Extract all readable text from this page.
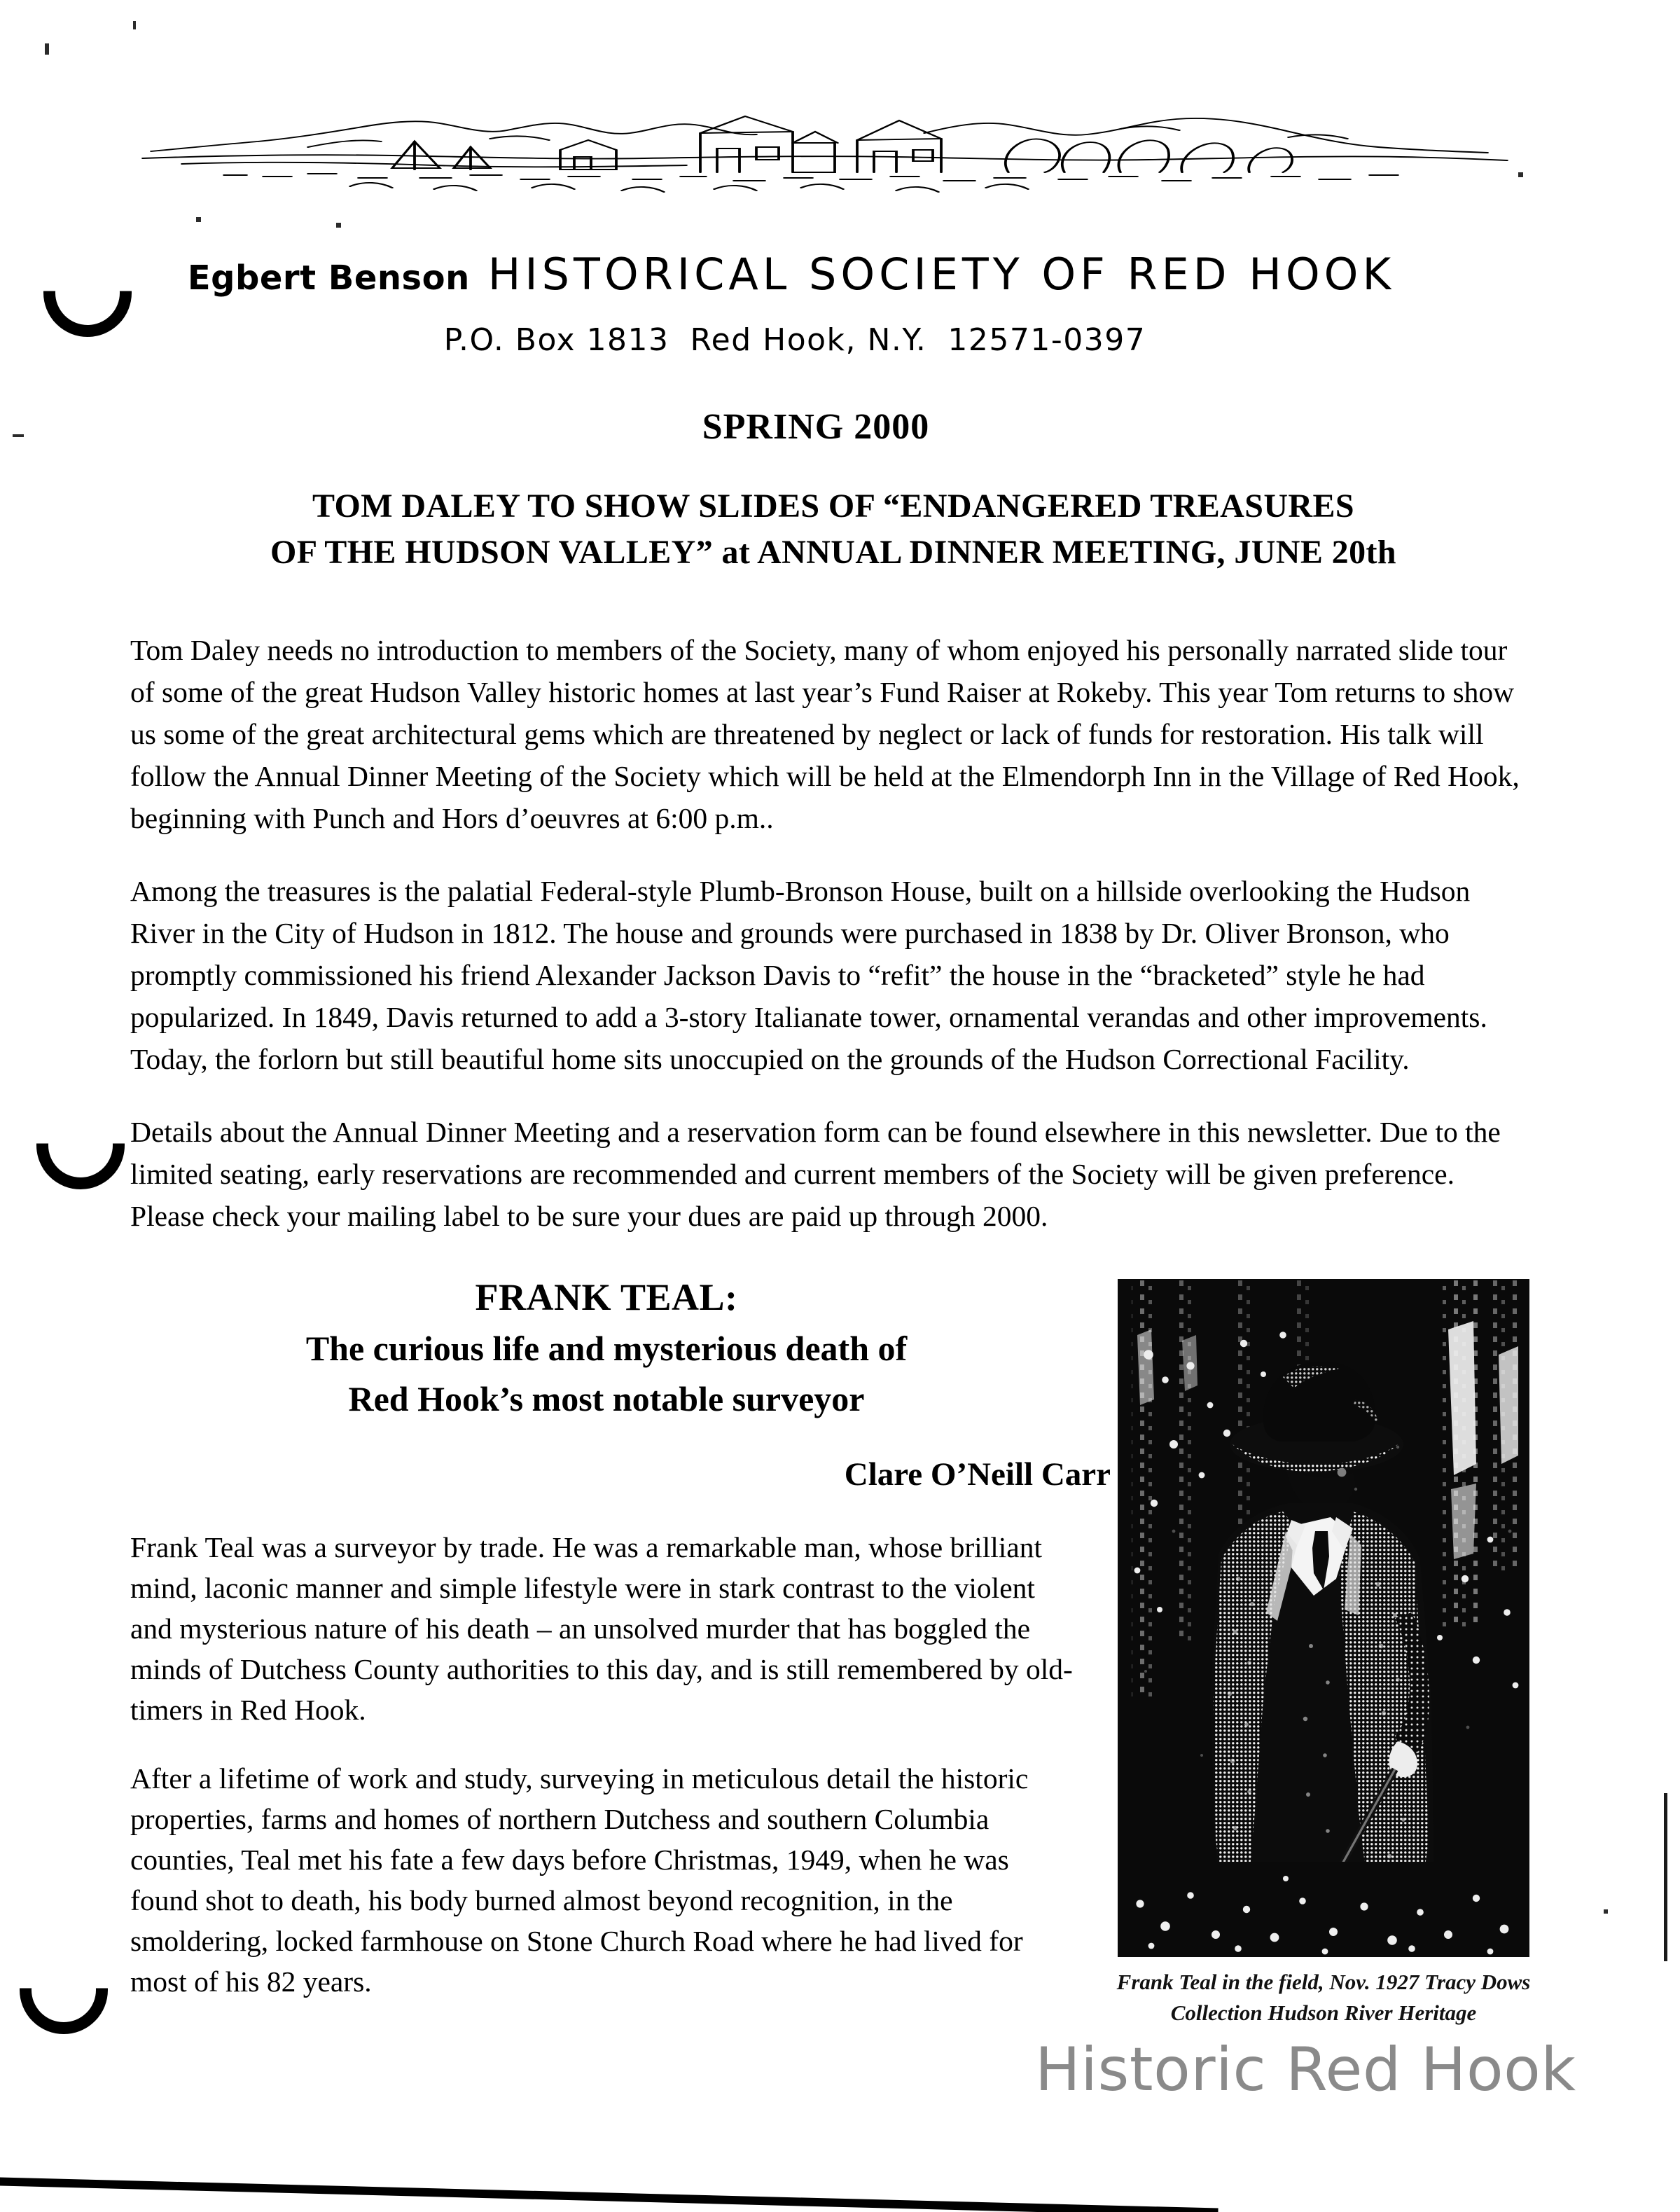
Egbert Benson HISTORICAL SOCIETY OF RED HOOK
P.O. Box 1813 Red Hook, N.Y. 12571-0397
SPRING 2000
TOM DALEY TO SHOW SLIDES OF “ENDANGERED TREASURES
OF THE HUDSON VALLEY” at ANNUAL DINNER MEETING, JUNE 20th

Tom Daley needs no introduction to members of the Society, many of whom enjoyed his personally narrated slide tour of some of the great Hudson Valley historic homes at last year’s Fund Raiser at Rokeby. This year Tom returns to show us some of the great architectural gems which are threatened by neglect or lack of funds for restoration. His talk will follow the Annual Dinner Meeting of the Society which will be held at the Elmendorph Inn in the Village of Red Hook, beginning with Punch and Hors d’oeuvres at 6:00 p.m..

Among the treasures is the palatial Federal-style Plumb-Bronson House, built on a hillside overlooking the Hudson River in the City of Hudson in 1812. The house and grounds were purchased in 1838 by Dr. Oliver Bronson, who promptly commissioned his friend Alexander Jackson Davis to “refit” the house in the “bracketed” style he had popularized. In 1849, Davis returned to add a 3-story Italianate tower, ornamental verandas and other improvements. Today, the forlorn but still beautiful home sits unoccupied on the grounds of the Hudson Correctional Facility.

Details about the Annual Dinner Meeting and a reservation form can be found elsewhere in this newsletter. Due to the limited seating, early reservations are recommended and current members of the Society will be given preference. Please check your mailing label to be sure your dues are paid up through 2000.

FRANK TEAL:
The curious life and mysterious death of
Red Hook’s most notable surveyor
Clare O’Neill Carr

Frank Teal was a surveyor by trade. He was a remarkable man, whose brilliant mind, laconic manner and simple lifestyle were in stark contrast to the violent and mysterious nature of his death – an unsolved murder that has boggled the minds of Dutchess County authorities to this day, and is still remembered by old-timers in Red Hook.

After a lifetime of work and study, surveying in meticulous detail the historic properties, farms and homes of northern Dutchess and southern Columbia counties, Teal met his fate a few days before Christmas, 1949, when he was found shot to death, his body burned almost beyond recognition, in the smoldering, locked farmhouse on Stone Church Road where he had lived for most of his 82 years.	Frank Teal in the field, Nov. 1927 Tracy Dows
Collection Hudson River Heritage
Historic Red Hook
